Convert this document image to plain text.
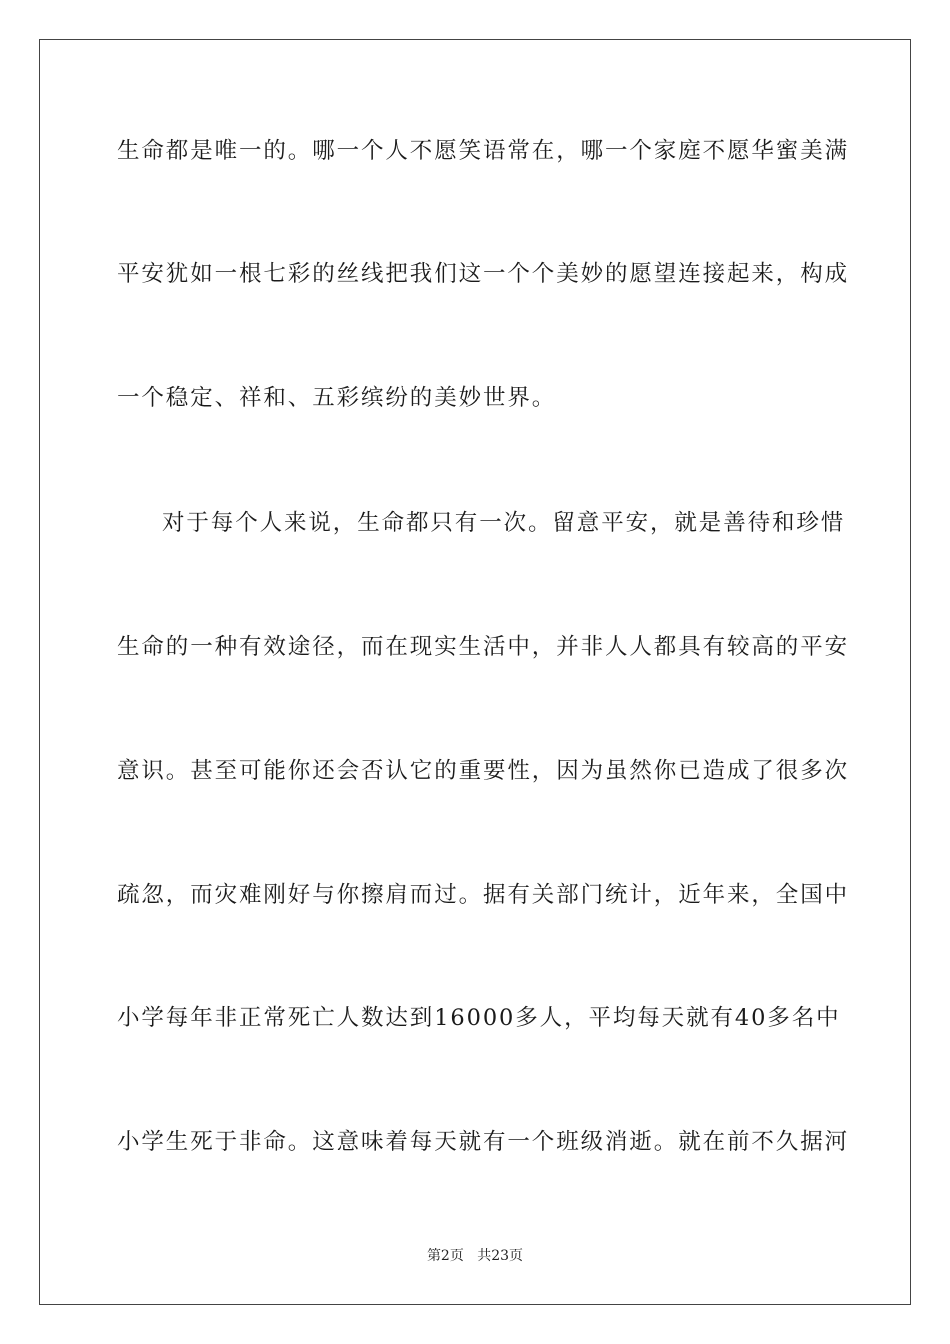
生命都是唯一的。哪一个人不愿笑语常在，哪一个家庭不愿华蜜美满
平安犹如一根七彩的丝线把我们这一个个美妙的愿望连接起来，构成
一个稳定、祥和、五彩缤纷的美妙世界。
对于每个人来说，生命都只有一次。留意平安，就是善待和珍惜
生命的一种有效途径，而在现实生活中，并非人人都具有较高的平安
意识。甚至可能你还会否认它的重要性，因为虽然你已造成了很多次
疏忽，而灾难刚好与你擦肩而过。据有关部门统计，近年来，全国中
小学每年非正常死亡人数达到16000多人，平均每天就有40多名中
小学生死于非命。这意味着每天就有一个班级消逝。就在前不久据河
第2页 共23页
